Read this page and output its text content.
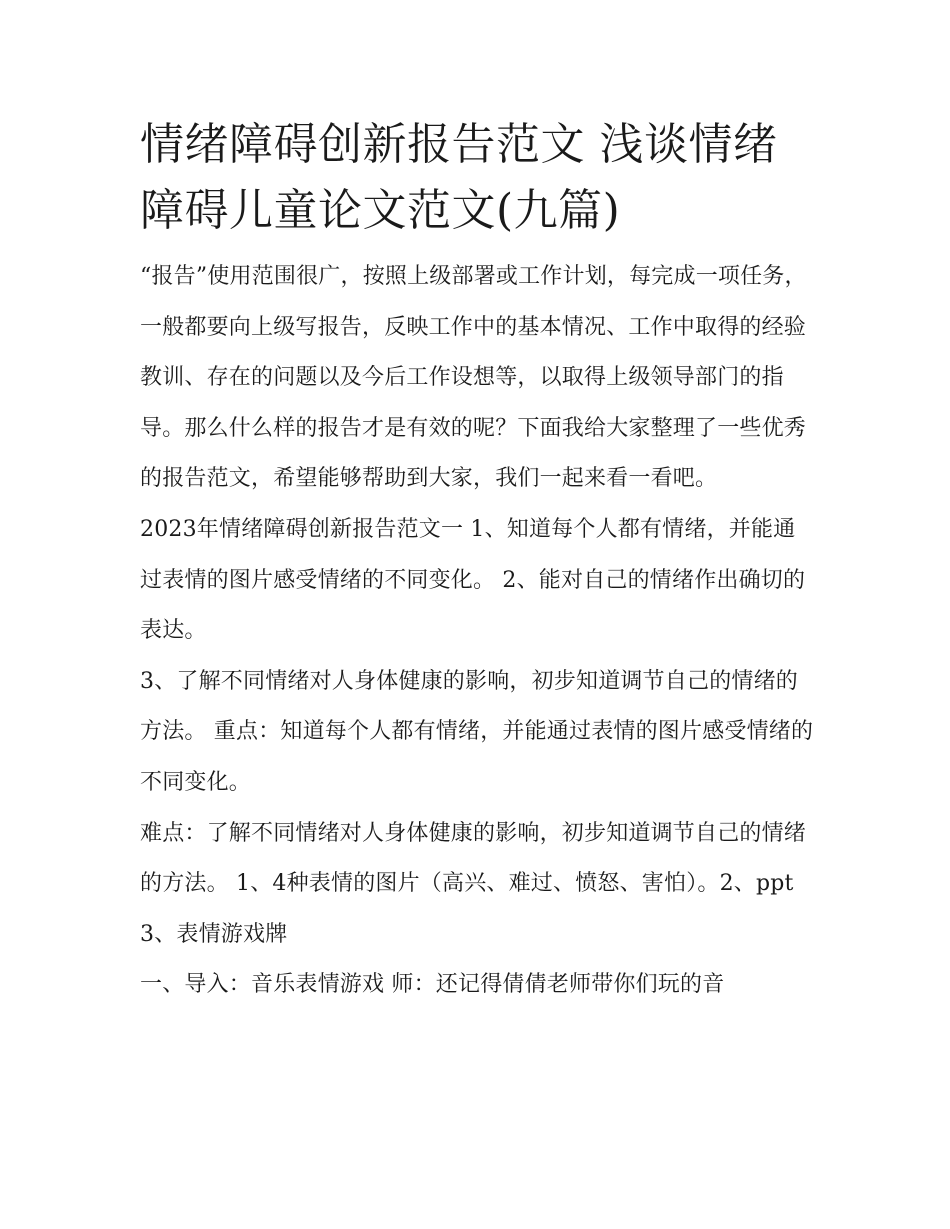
情绪障碍创新报告范文 浅谈情绪障碍儿童论文范文(九篇)

“报告”使用范围很广，按照上级部署或工作计划，每完成一项任务，一般都要向上级写报告，反映工作中的基本情况、工作中取得的经验教训、存在的问题以及今后工作设想等，以取得上级领导部门的指导。那么什么样的报告才是有效的呢？下面我给大家整理了一些优秀的报告范文，希望能够帮助到大家，我们一起来看一看吧。

2023年情绪障碍创新报告范文一 1、知道每个人都有情绪，并能通过表情的图片感受情绪的不同变化。 2、能对自己的情绪作出确切的表达。

3、了解不同情绪对人身体健康的影响，初步知道调节自己的情绪的方法。 重点：知道每个人都有情绪，并能通过表情的图片感受情绪的不同变化。

难点：了解不同情绪对人身体健康的影响，初步知道调节自己的情绪的方法。 1、4种表情的图片（高兴、难过、愤怒、害怕）。2、ppt 3、表情游戏牌

一、导入：音乐表情游戏 师：还记得倩倩老师带你们玩的音
